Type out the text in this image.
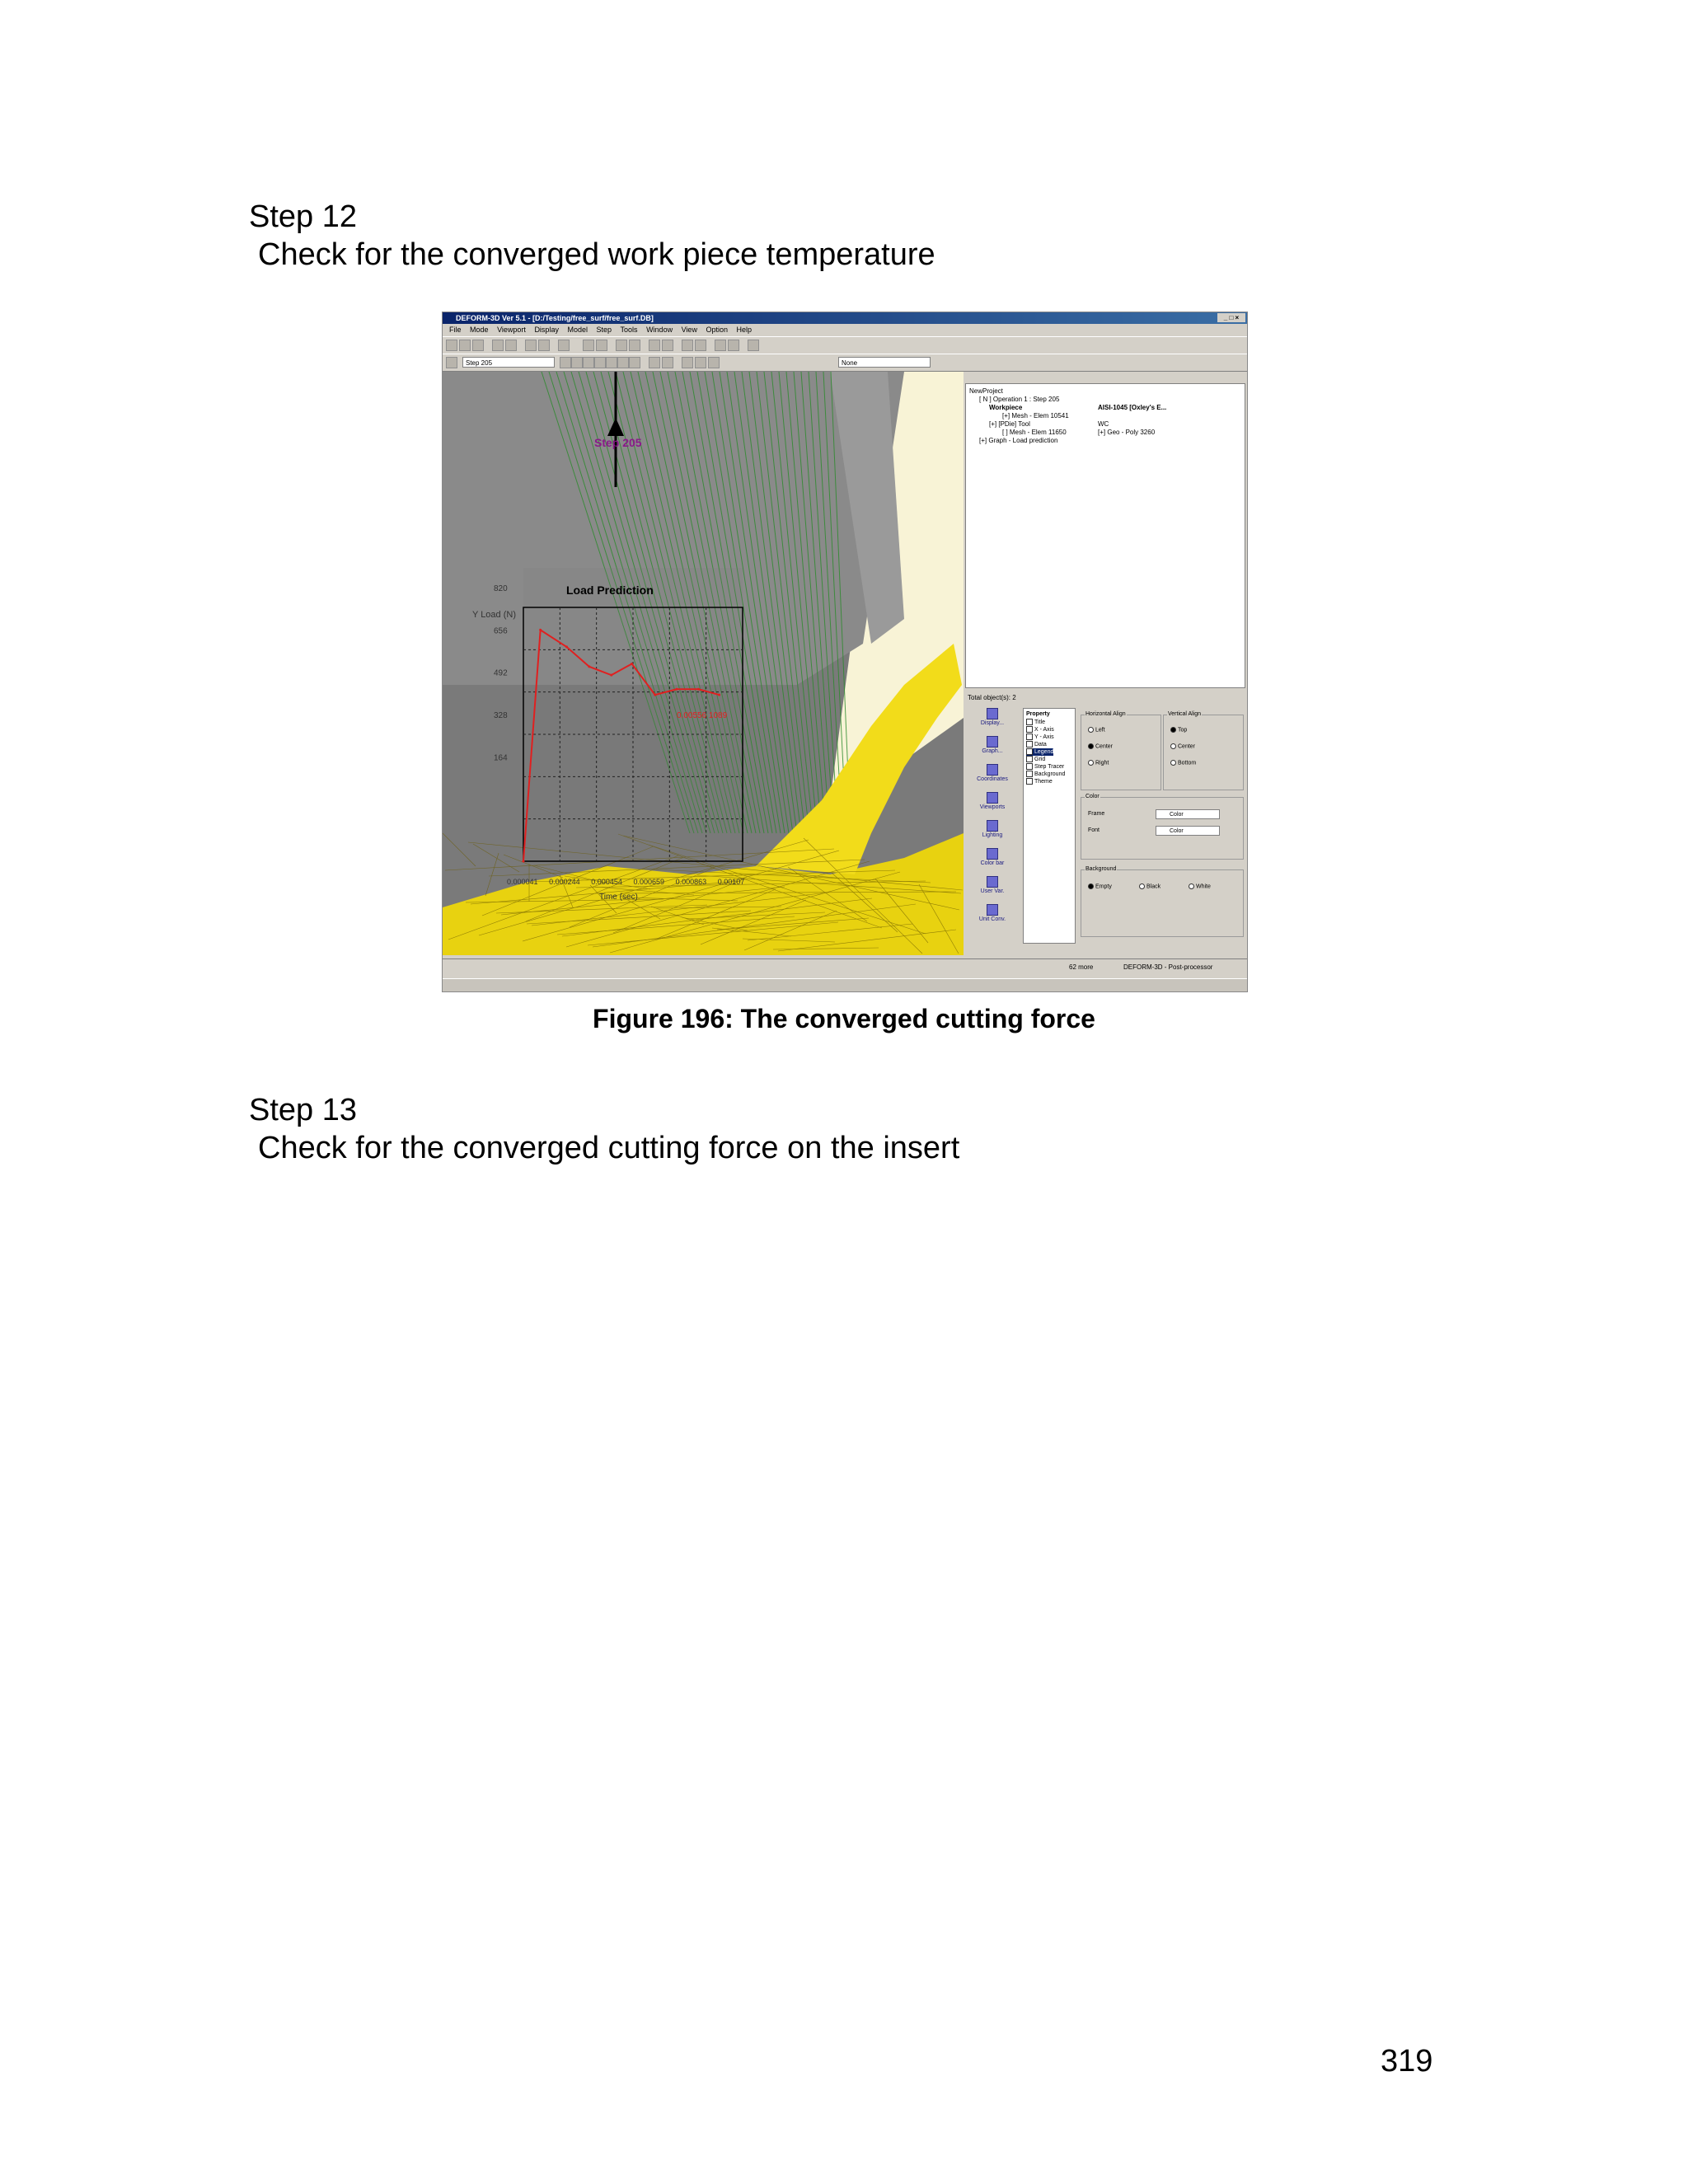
Step 12
Check for the converged work piece temperature
DEFORM-3D Ver 5.1 - [D:/Testing/free_surf/free_surf.DB]	_ □ ×
File Mode Viewport Display Model Step Tools Window View Option Help
Step 205	None
Load Prediction
Y Load (N)
Time (sec)
820
656
492
328
164
0.000041 0.000244 0.000454 0.000659 0.000863 0.00107
0.00556 1089
Step 205
NewProject
[ N ] Operation 1 : Step 205
Workpiece	AISI-1045 [Oxley's E...
[+] Mesh - Elem 10541
[+] [PDie] Tool	WC
[ ] Mesh - Elem 11650	[+] Geo - Poly 3260
[+] Graph - Load prediction
Total object(s): 2
Display...
Graph...
Coordinates
Viewports
Lighting
Color bar
User Var.
Unit Conv.
Property
Title
X - Axis
Y - Axis
Data
Legend
Grid
Step Tracer
Background
Theme
Horizontal Align
Left
Center
Right
Vertical Align
Top
Center
Bottom
Color
Frame	Color
Font	Color
Background
Empty	Black	White
62 more	DEFORM-3D - Post-processor
Figure 196: The converged cutting force
Step 13
Check for the converged cutting force on the insert
319
